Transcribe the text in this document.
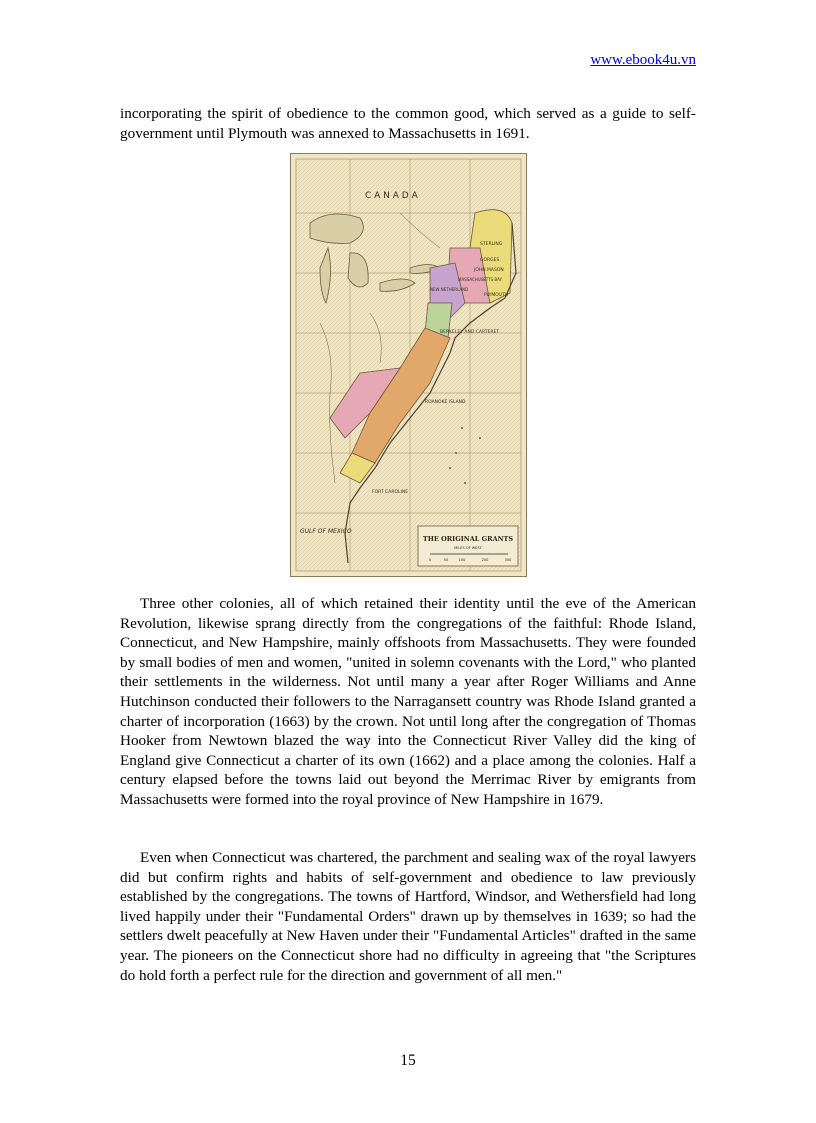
www.ebook4u.vn

incorporating the spirit of obedience to the common good, which served as a guide to self-government until Plymouth was annexed to Massachusetts in 1691.

C A N A D A
STERLING
GORGES
JOHN MASON
MASSACHUSETTS BAY
PLYMOUTH
NEW NETHERLAND
BERKELEY AND CARTERET
ROANOKE ISLAND
FORT CAROLINE
GULF OF MEXICO
THE ORIGINAL GRANTS
MILES OF WEST
0	50	100	200	300

Three other colonies, all of which retained their identity until the eve of the American Revolution, likewise sprang directly from the congregations of the faithful: Rhode Island, Connecticut, and New Hampshire, mainly offshoots from Massachusetts. They were founded by small bodies of men and women, "united in solemn covenants with the Lord," who planted their settlements in the wilderness. Not until many a year after Roger Williams and Anne Hutchinson conducted their followers to the Narragansett country was Rhode Island granted a charter of incorporation (1663) by the crown. Not until long after the congregation of Thomas Hooker from Newtown blazed the way into the Connecticut River Valley did the king of England give Connecticut a charter of its own (1662) and a place among the colonies. Half a century elapsed before the towns laid out beyond the Merrimac River by emigrants from Massachusetts were formed into the royal province of New Hampshire in 1679.

Even when Connecticut was chartered, the parchment and sealing wax of the royal lawyers did but confirm rights and habits of self-government and obedience to law previously established by the congregations. The towns of Hartford, Windsor, and Wethersfield had long lived happily under their "Fundamental Orders" drawn up by themselves in 1639; so had the settlers dwelt peacefully at New Haven under their "Fundamental Articles" drafted in the same year. The pioneers on the Connecticut shore had no difficulty in agreeing that "the Scriptures do hold forth a perfect rule for the direction and government of all men."

15
